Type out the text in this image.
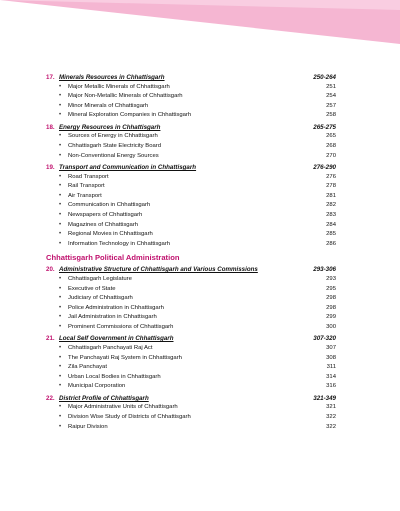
17. Minerals Resources in Chhattisgarh	250-264
•	Major Metallic Minerals of Chhattisgarh	251
•	Major Non-Metallic Minerals of Chhattisgarh	254
•	Minor Minerals of Chhattisgarh	257
•	Mineral Exploration Companies in Chhattisgarh	258
18. Energy Resources in Chhattisgarh	265-275
•	Sources of Energy in Chhattisgarh	265
•	Chhattisgarh State Electricity Board	268
•	Non-Conventional Energy Sources	270
19. Transport and Communication in Chhattisgarh	276-290
•	Road Transport	276
•	Rail Transport	278
•	Air Transport	281
•	Communication in Chhattisgarh	282
•	Newspapers of Chhattisgarh	283
•	Magazines of Chhattisgarh	284
•	Regional Movies in Chhattisgarh	285
•	Information Technology in Chhattisgarh	286
Chhattisgarh Political Administration
20. Administrative Structure of Chhattisgarh and Various Commissions	293-306
•	Chhattisgarh Legislature	293
•	Executive of State	295
•	Judiciary of Chhattisgarh	298
•	Police Administration in Chhattisgarh	298
•	Jail Administration in Chhattisgarh	299
•	Prominent Commissions of Chhattisgarh	300
21. Local Self Government in Chhattisgarh	307-320
•	Chhattisgarh Panchayati Raj Act	307
•	The Panchayati Raj System in Chhattisgarh	308
•	Zila Panchayat	311
•	Urban Local Bodies in Chhattisgarh	314
•	Municipal Corporation	316
22. District Profile of Chhattisgarh	321-349
•	Major Administrative Units of Chhattisgarh	321
•	Division Wise Study of Districts of Chhattisgarh	322
•	Raipur Division	322
